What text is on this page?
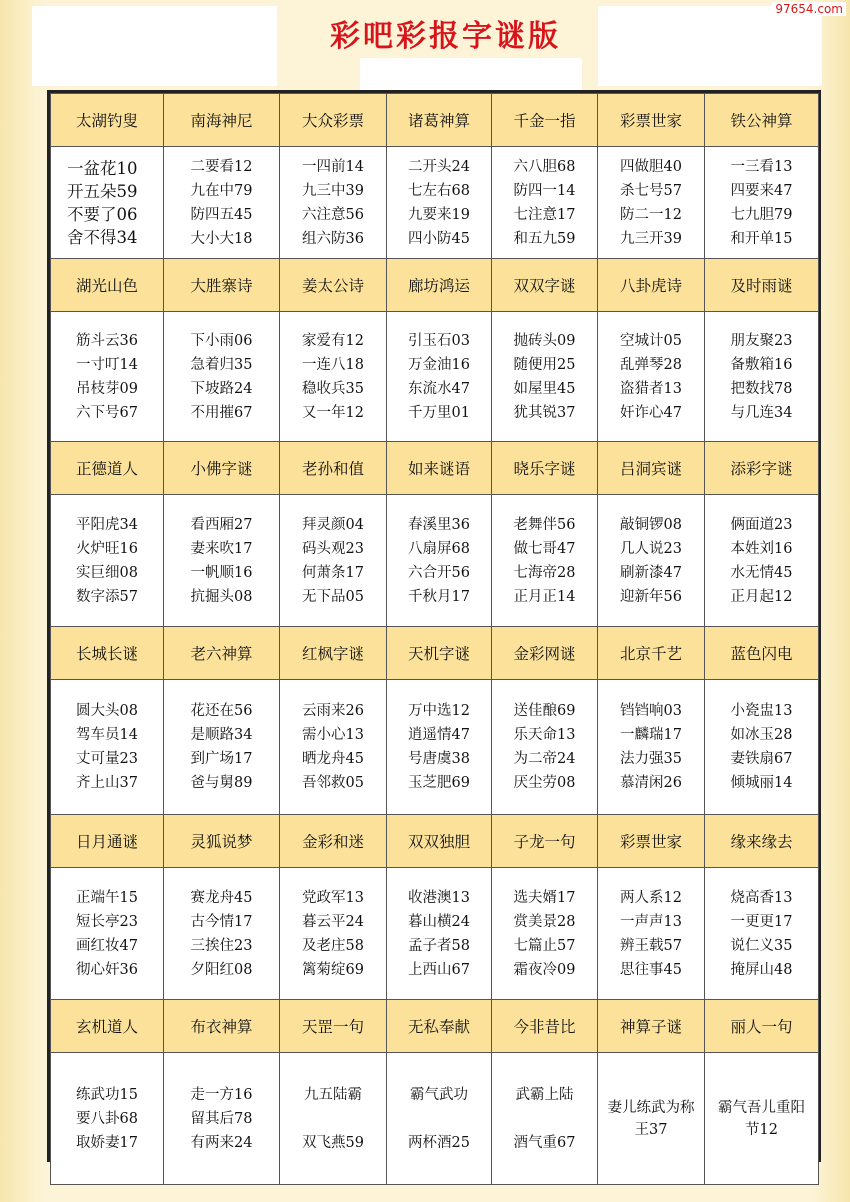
彩吧彩报字谜版
97654.com
太湖钓叟	南海神尼	大众彩票	诸葛神算	千金一指	彩票世家	铁公神算

一盆花10
开五朵59
不要了06
舍不得34	二要看12
九在中79
防四五45
大小大18	一四前14
九三中39
六注意56
组六防36	二开头24
七左右68
九要来19
四小防45	六八胆68
防四一14
七注意17
和五九59	四做胆40
杀七号57
防二一12
九三开39	一三看13
四要来47
七九胆79
和开单15

湖光山色	大胜寨诗	姜太公诗	廊坊鸿运	双双字谜	八卦虎诗	及时雨谜

筋斗云36
一寸叮14
吊枝芽09
六下号67	下小雨06
急着归35
下坡路24
不用摧67	家爱有12
一连八18
稳收兵35
又一年12	引玉石03
万金油16
东流水47
千万里01	抛砖头09
随便用25
如屋里45
犹其锐37	空城计05
乱弹琴28
盗猎者13
奸诈心47	朋友聚23
备敷箱16
把数找78
与几连34

正德道人	小佛字谜	老孙和值	如来谜语	晓乐字谜	吕洞宾谜	添彩字谜

平阳虎34
火炉旺16
实巨细08
数字添57	看西厢27
妻来吹17
一帆顺16
抗掘头08	拜灵颜04
码头观23
何萧条17
无下品05	春溪里36
八扇屏68
六合开56
千秋月17	老舞伴56
做七哥47
七海帝28
正月正14	敲铜锣08
几人说23
刷新漆47
迎新年56	俩面道23
本姓刘16
水无情45
正月起12

长城长谜	老六神算	红枫字谜	天机字谜	金彩网谜	北京千艺	蓝色闪电

圆大头08
驾车员14
丈可量23
齐上山37	花还在56
是顺路34
到广场17
爸与舅89	云雨来26
需小心13
晒龙舟45
吾邻救05	万中选12
逍遥情47
号唐虞38
玉芝肥69	送佳酿69
乐天命13
为二帝24
厌尘劳08	铛铛响03
一麟瑞17
法力强35
慕清闲26	小瓷盅13
如冰玉28
妻铁扇67
倾城丽14

日月通谜	灵狐说梦	金彩和迷	双双独胆	子龙一句	彩票世家	缘来缘去

正端午15
短长亭23
画红妆47
彻心奸36	赛龙舟45
古今情17
三挨住23
夕阳红08	党政军13
暮云平24
及老庄58
篱菊绽69	收港澳13
暮山横24
孟子者58
上西山67	选夫婿17
赏美景28
七篇止57
霜夜冷09	两人系12
一声声13
辨王载57
思往事45	烧高香13
一更更17
说仁义35
掩屏山48

玄机道人	布衣神算	天罡一句	无私奉献	今非昔比	神算子谜	丽人一句

练武功15
要八卦68
取娇妻17	走一方16
留其后78
有两来24	九五陆霸
双飞燕59	霸气武功
两杯酒25	武霸上陆
酒气重67	妻儿练武为称王37	霸气吾儿重阳节12
